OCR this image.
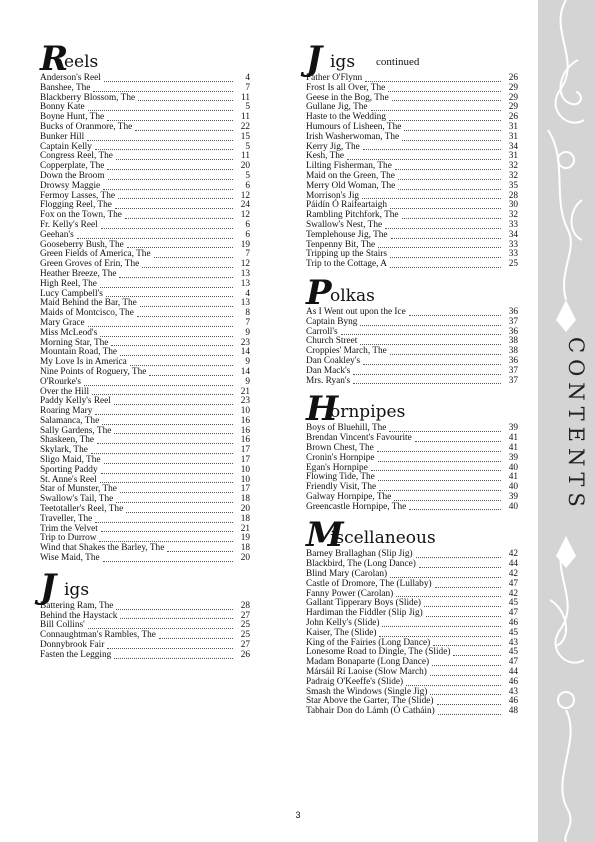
R
eels
Anderson's Reel	4
Banshee, The	7
Blackberry Blossom, The	11
Bonny Kate	5
Boyne Hunt, The	11
Bucks of Oranmore, The	22
Bunker Hill	15
Captain Kelly	5
Congress Reel, The	11
Copperplate, The	20
Down the Broom	5
Drowsy Maggie	6
Fermoy Lasses, The	12
Flogging Reel, The	24
Fox on the Town, The	12
Fr. Kelly's Reel	6
Geehan's	6
Gooseberry Bush, The	19
Green Fields of America, The	7
Green Groves of Erin, The	12
Heather Breeze, The	13
High Reel, The	13
Lucy Campbell's	4
Maid Behind the Bar, The	13
Maids of Montcisco, The	8
Mary Grace	7
Miss McLeod's	9
Morning Star, The	23
Mountain Road, The	14
My Love Is in America	9
Nine Points of Roguery, The	14
O'Rourke's	9
Over the Hill	21
Paddy Kelly's Reel	23
Roaring Mary	10
Salamanca, The	16
Sally Gardens, The	16
Shaskeen, The	16
Skylark, The	17
Sligo Maid, The	17
Sporting Paddy	10
St. Anne's Reel	10
Star of Munster, The	17
Swallow's Tail, The	18
Teetotaller's Reel, The	20
Traveller, The	18
Trim the Velvet	21
Trip to Durrow	19
Wind that Shakes the Barley, The	18
Wise Maid, The	20
J igs
Battering Ram, The	28
Behind the Haystack	27
Bill Collins'	25
Connaughtman's Rambles, The	25
Donnybrook Fair	27
Fasten the Legging	26
J igs continued
Father O'Flynn	26
Frost Is all Over, The	29
Geese in the Bog, The	29
Gullane Jig, The	29
Haste to the Wedding	26
Humours of Lisheen, The	31
Irish Washerwoman, The	31
Kerry Jig, The	34
Kesh, The	31
Lilting Fisherman, The	32
Maid on the Green, The	32
Merry Old Woman, The	35
Morrison's Jig	28
Páidín Ó Raifeartaigh	30
Rambling Pitchfork, The	32
Swallow's Nest, The	33
Templehouse Jig, The	34
Tenpenny Bit, The	33
Tripping up the Stairs	33
Trip to the Cottage, A	25
P
olkas
As I Went out upon the Ice	36
Captain Byng	37
Carroll's	36
Church Street	38
Croppies' March, The	38
Dan Coakley's	36
Dan Mack's	37
Mrs. Ryan's	37
H
ornpipes
Boys of Bluehill, The	39
Brendan Vincent's Favourite	41
Brown Chest, The	41
Cronin's Hornpipe	39
Egan's Hornpipe	40
Flowing Tide, The	41
Friendly Visit, The	40
Galway Hornpipe, The	39
Greencastle Hornpipe, The	40
M
iscellaneous
Barney Brallaghan (Slip Jig)	42
Blackbird, The (Long Dance)	44
Blind Mary (Carolan)	42
Castle of Dromore, The (Lullaby)	47
Fanny Power (Carolan)	42
Gallant Tipperary Boys (Slide)	45
Hardiman the Fiddler (Slip Jig)	47
John Kelly's (Slide)	46
Kaiser, The (Slide)	45
King of the Fairies (Long Dance)	43
Lonesome Road to Dingle, The (Slide)	45
Madam Bonaparte (Long Dance)	47
Mársáil Rí Laoise (Slow March)	44
Padraig O'Keeffe's (Slide)	46
Smash the Windows (Single Jig)	43
Star Above the Garter, The (Slide)	46
Tabhair Don do Lámh (Ó Catháin)	48
CONTENTS
3
